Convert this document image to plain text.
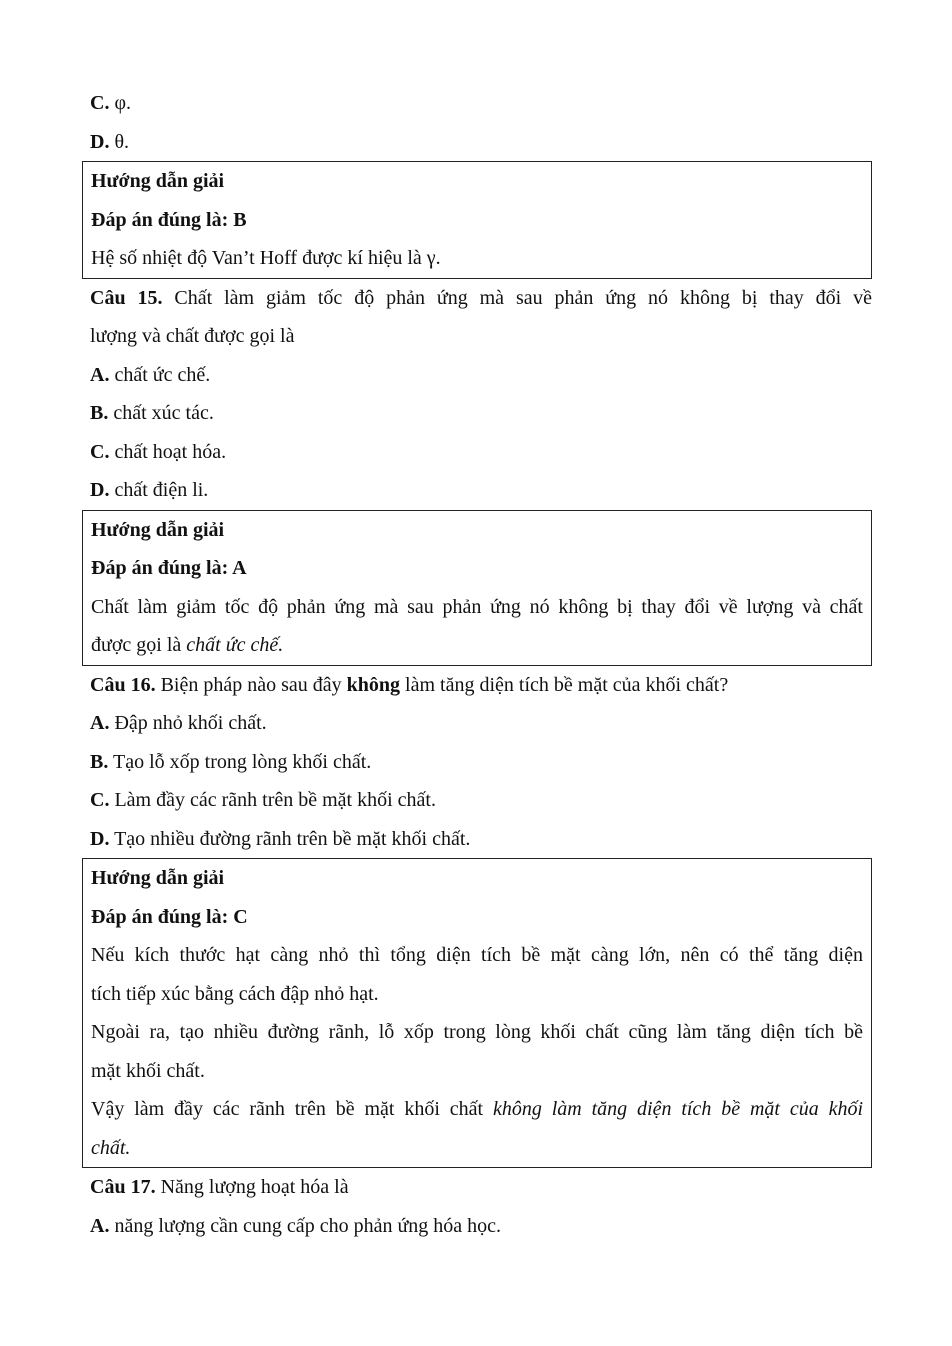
C. φ.
D. θ.
Hướng dẫn giải
Đáp án đúng là: B
Hệ số nhiệt độ Van’t Hoff được kí hiệu là γ.
Câu 15. Chất làm giảm tốc độ phản ứng mà sau phản ứng nó không bị thay đổi về
lượng và chất được gọi là
A. chất ức chế.
B. chất xúc tác.
C. chất hoạt hóa.
D. chất điện li.
Hướng dẫn giải
Đáp án đúng là: A
Chất làm giảm tốc độ phản ứng mà sau phản ứng nó không bị thay đổi về lượng và chất
được gọi là chất ức chế.
Câu 16. Biện pháp nào sau đây không làm tăng diện tích bề mặt của khối chất?
A. Đập nhỏ khối chất.
B. Tạo lỗ xốp trong lòng khối chất.
C. Làm đầy các rãnh trên bề mặt khối chất.
D. Tạo nhiều đường rãnh trên bề mặt khối chất.
Hướng dẫn giải
Đáp án đúng là: C
Nếu kích thước hạt càng nhỏ thì tổng diện tích bề mặt càng lớn, nên có thể tăng diện
tích tiếp xúc bằng cách đập nhỏ hạt.
Ngoài ra, tạo nhiều đường rãnh, lỗ xốp trong lòng khối chất cũng làm tăng diện tích bề
mặt khối chất.
Vậy làm đầy các rãnh trên bề mặt khối chất không làm tăng diện tích bề mặt của khối
chất.
Câu 17. Năng lượng hoạt hóa là
A. năng lượng cần cung cấp cho phản ứng hóa học.
